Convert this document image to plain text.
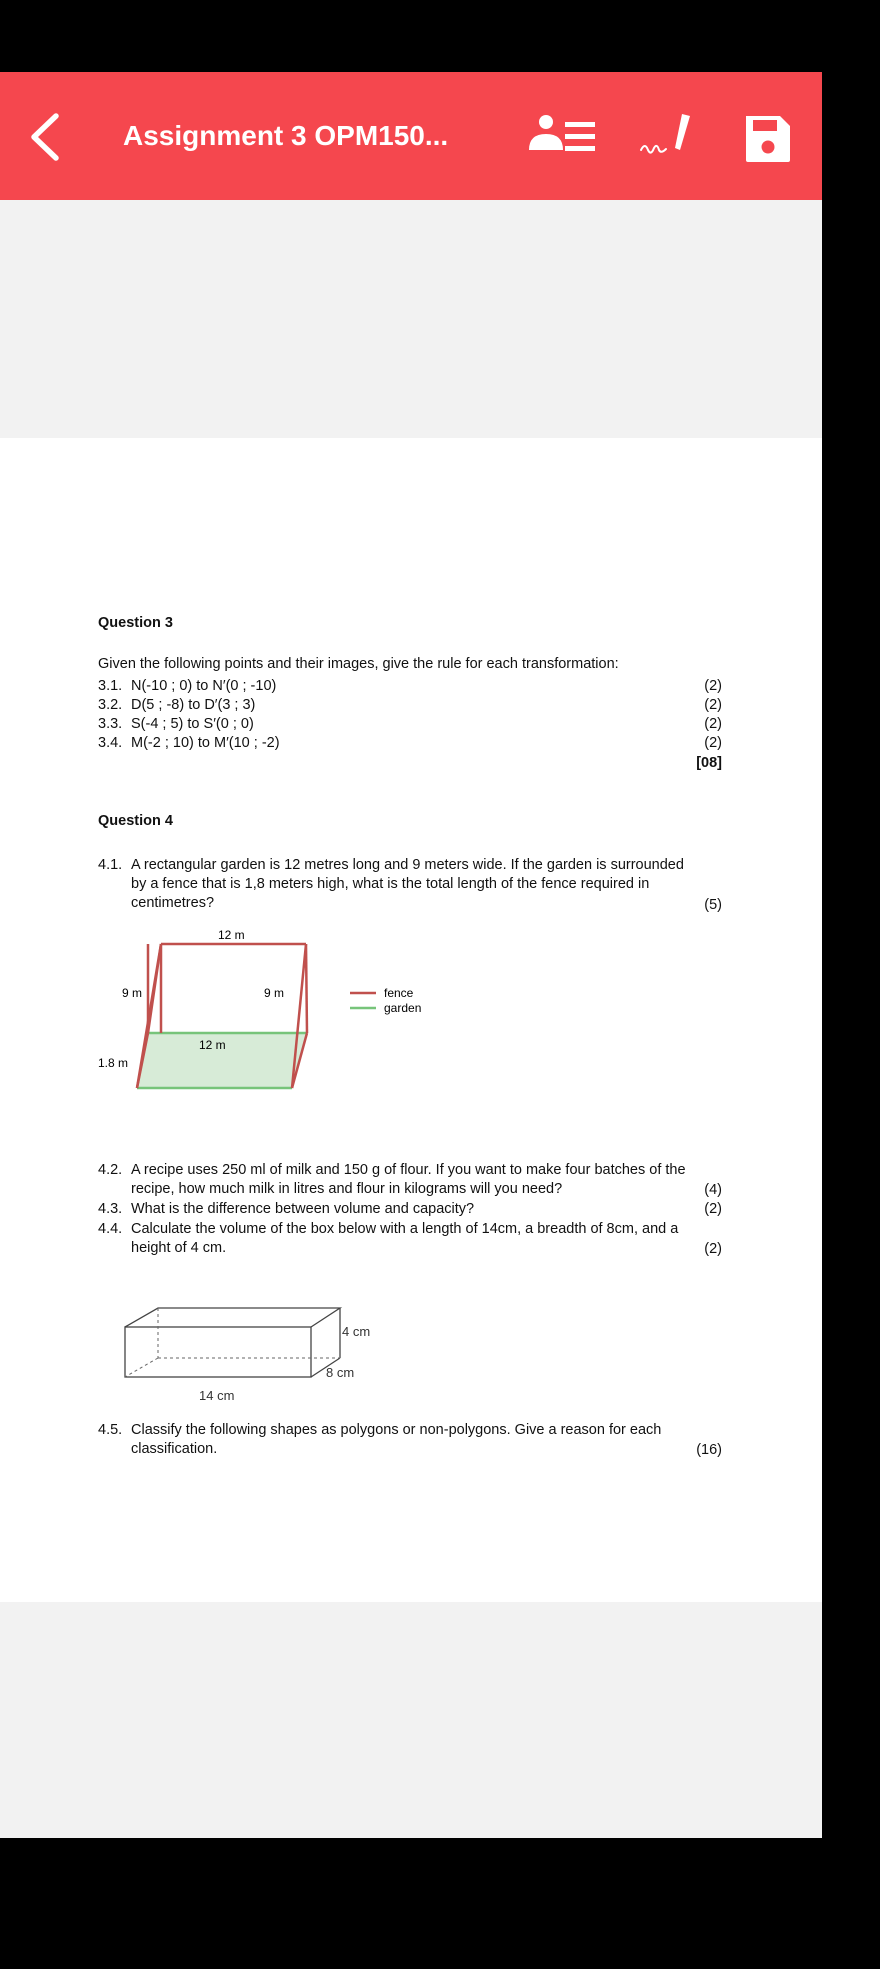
Assignment 3 OPM150...
Question 3
Given the following points and their images, give the rule for each transformation:
3.1. N(-10 ; 0) to N′(0 ; -10)	(2)
3.2. D(5 ; -8) to D′(3 ; 3)	(2)
3.3. S(-4 ; 5) to S′(0 ; 0)	(2)
3.4. M(-2 ; 10) to M′(10 ; -2)	(2)
[08]
Question 4
4.1. A rectangular garden is 12 metres long and 9 meters wide. If the garden is surrounded
by a fence that is 1,8 meters high, what is the total length of the fence required in
centimetres?	(5)
12 m
9 m	9 m
12 m
1.8 m
fence
garden
4.2. A recipe uses 250 ml of milk and 150 g of flour. If you want to make four batches of the
recipe, how much milk in litres and flour in kilograms will you need?	(4)
4.3. What is the difference between volume and capacity?	(2)
4.4. Calculate the volume of the box below with a length of 14cm, a breadth of 8cm, and a
height of 4 cm.	(2)
4 cm
8 cm
14 cm
4.5. Classify the following shapes as polygons or non-polygons. Give a reason for each
classification.	(16)
